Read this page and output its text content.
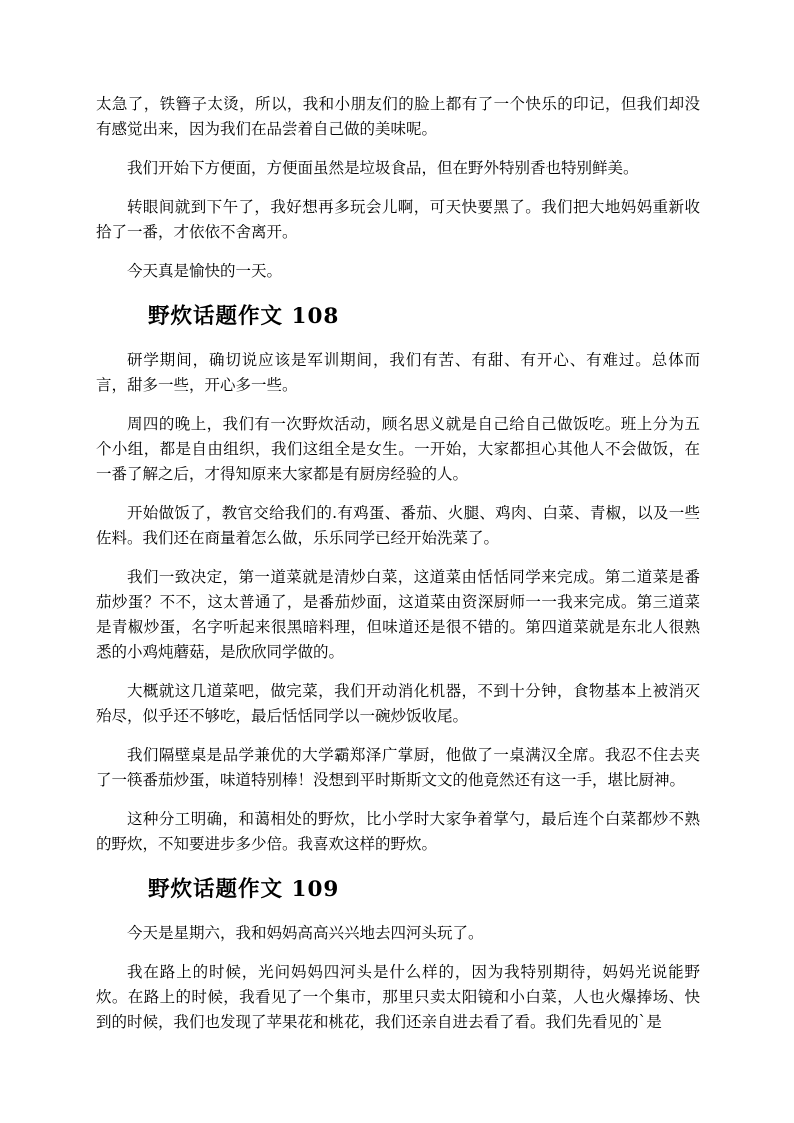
太急了，铁簪子太烫，所以，我和小朋友们的脸上都有了一个快乐的印记，但我们却没有感觉出来，因为我们在品尝着自己做的美味呢。

我们开始下方便面，方便面虽然是垃圾食品，但在野外特别香也特别鲜美。

转眼间就到下午了，我好想再多玩会儿啊，可天快要黑了。我们把大地妈妈重新收拾了一番，才依依不舍离开。

今天真是愉快的一天。

野炊话题作文 108

研学期间，确切说应该是军训期间，我们有苦、有甜、有开心、有难过。总体而言，甜多一些，开心多一些。

周四的晚上，我们有一次野炊活动，顾名思义就是自己给自己做饭吃。班上分为五个小组，都是自由组织，我们这组全是女生。一开始，大家都担心其他人不会做饭，在一番了解之后，才得知原来大家都是有厨房经验的人。

开始做饭了，教官交给我们的.有鸡蛋、番茄、火腿、鸡肉、白菜、青椒，以及一些佐料。我们还在商量着怎么做，乐乐同学已经开始洗菜了。

我们一致决定，第一道菜就是清炒白菜，这道菜由恬恬同学来完成。第二道菜是番茄炒蛋？不不，这太普通了，是番茄炒面，这道菜由资深厨师一一我来完成。第三道菜是青椒炒蛋，名字听起来很黑暗料理，但味道还是很不错的。第四道菜就是东北人很熟悉的小鸡炖蘑菇，是欣欣同学做的。

大概就这几道菜吧，做完菜，我们开动消化机器，不到十分钟，食物基本上被消灭殆尽，似乎还不够吃，最后恬恬同学以一碗炒饭收尾。

我们隔壁桌是品学兼优的大学霸郑泽广掌厨，他做了一桌满汉全席。我忍不住去夹了一筷番茄炒蛋，味道特别棒！没想到平时斯斯文文的他竟然还有这一手，堪比厨神。

这种分工明确，和蔼相处的野炊，比小学时大家争着掌勺，最后连个白菜都炒不熟的野炊，不知要进步多少倍。我喜欢这样的野炊。

野炊话题作文 109

今天是星期六，我和妈妈高高兴兴地去四河头玩了。

我在路上的时候，光问妈妈四河头是什么样的，因为我特别期待，妈妈光说能野炊。在路上的时候，我看见了一个集市，那里只卖太阳镜和小白菜，人也火爆捧场、快到的时候，我们也发现了苹果花和桃花，我们还亲自进去看了看。我们先看见的`是
